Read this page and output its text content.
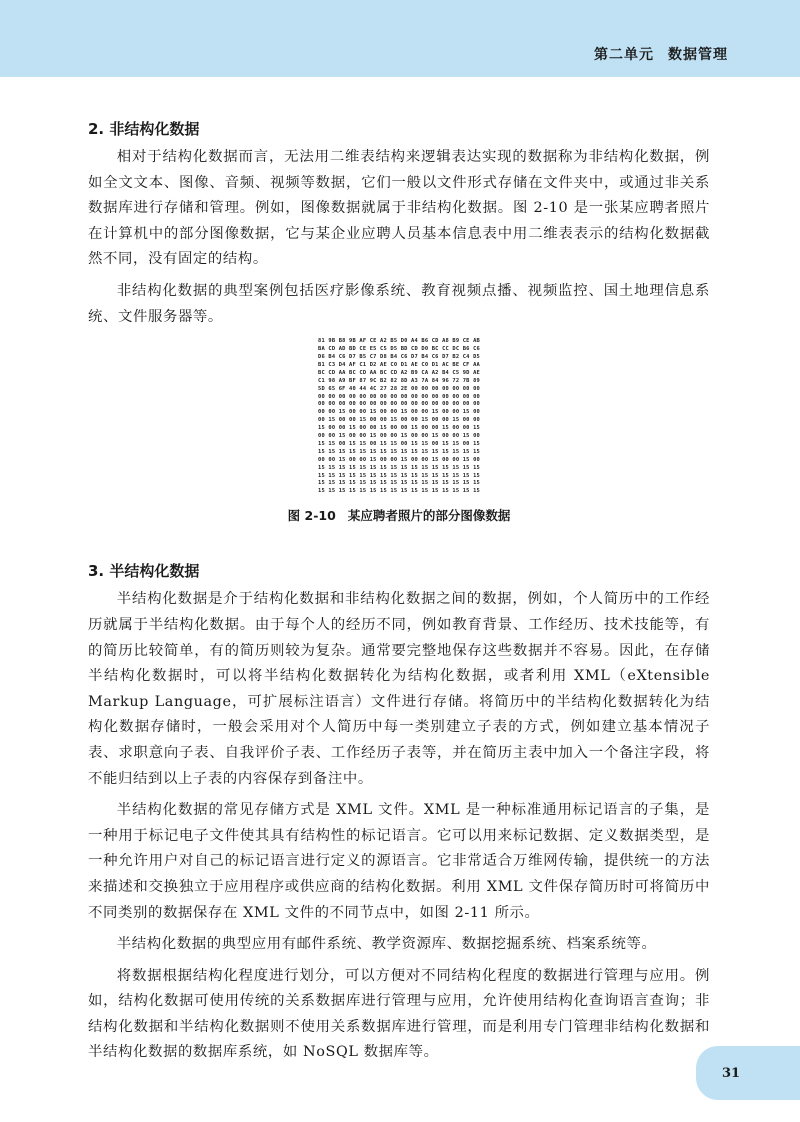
第二单元 数据管理
2. 非结构化数据

相对于结构化数据而言，无法用二维表结构来逻辑表达实现的数据称为非结构化数据，例如全文文本、图像、音频、视频等数据，它们一般以文件形式存储在文件夹中，或通过非关系数据库进行存储和管理。例如，图像数据就属于非结构化数据。图 2-10 是一张某应聘者照片在计算机中的部分图像数据，它与某企业应聘人员基本信息表中用二维表表示的结构化数据截然不同，没有固定的结构。

非结构化数据的典型案例包括医疗影像系统、教育视频点播、视频监控、国土地理信息系统、文件服务器等。

81 9B B8 9B AF CE A2 B5 D0 A4 B6 CD A8 B9 CE AB
BA CD AD BD CE E5 C5 D5 BD CD D0 BC CC DC B6 C6
D6 B4 C6 D7 B5 C7 D8 B4 C6 D7 B4 C6 D7 B2 C4 D5
B1 C3 D4 AF C1 D2 AE C0 D1 AE C0 D1 AC BE CF AA
BC CD AA BC CD AA BC CD A2 B9 CA A2 B4 C5 9D AE
C1 98 A9 BF 87 9C B2 82 8D A3 7A 84 96 72 7B 89
5D 65 6F 40 44 4C 27 28 2E 00 00 00 00 00 00 00
00 00 00 00 00 00 00 00 00 00 00 00 00 00 00 00
00 00 00 00 00 00 00 00 00 00 00 00 00 00 00 00
00 00 15 00 00 15 00 00 15 00 00 15 00 00 15 00
00 15 00 00 15 00 00 15 00 00 15 00 00 15 00 00
15 00 00 15 00 00 15 00 00 15 00 00 15 00 00 15
00 00 15 00 00 15 00 00 15 00 00 15 00 00 15 00
15 15 00 15 15 00 15 15 00 15 15 00 15 15 00 15
15 15 15 15 15 15 15 15 15 15 15 15 15 15 15 15
00 00 15 00 00 15 00 00 15 00 00 15 00 00 15 00
15 15 15 15 15 15 15 15 15 15 15 15 15 15 15 15
15 15 15 15 15 15 15 15 15 15 15 15 15 15 15 15
15 15 15 15 15 15 15 15 15 15 15 15 15 15 15 15
15 15 15 15 15 15 15 15 15 15 15 15 15 15 15 15
图 2-10 某应聘者照片的部分图像数据
3. 半结构化数据

半结构化数据是介于结构化数据和非结构化数据之间的数据，例如，个人简历中的工作经历就属于半结构化数据。由于每个人的经历不同，例如教育背景、工作经历、技术技能等，有的简历比较简单，有的简历则较为复杂。通常要完整地保存这些数据并不容易。因此，在存储半结构化数据时，可以将半结构化数据转化为结构化数据，或者利用 XML（eXtensible Markup Language，可扩展标注语言）文件进行存储。将简历中的半结构化数据转化为结构化数据存储时，一般会采用对个人简历中每一类别建立子表的方式，例如建立基本情况子表、求职意向子表、自我评价子表、工作经历子表等，并在简历主表中加入一个备注字段，将不能归结到以上子表的内容保存到备注中。

半结构化数据的常见存储方式是 XML 文件。XML 是一种标准通用标记语言的子集，是一种用于标记电子文件使其具有结构性的标记语言。它可以用来标记数据、定义数据类型，是一种允许用户对自己的标记语言进行定义的源语言。它非常适合万维网传输，提供统一的方法来描述和交换独立于应用程序或供应商的结构化数据。利用 XML 文件保存简历时可将简历中不同类别的数据保存在 XML 文件的不同节点中，如图 2-11 所示。

半结构化数据的典型应用有邮件系统、教学资源库、数据挖掘系统、档案系统等。

将数据根据结构化程度进行划分，可以方便对不同结构化程度的数据进行管理与应用。例如，结构化数据可使用传统的关系数据库进行管理与应用，允许使用结构化查询语言查询；非结构化数据和半结构化数据则不使用关系数据库进行管理，而是利用专门管理非结构化数据和半结构化数据的数据库系统，如 NoSQL 数据库等。

31
